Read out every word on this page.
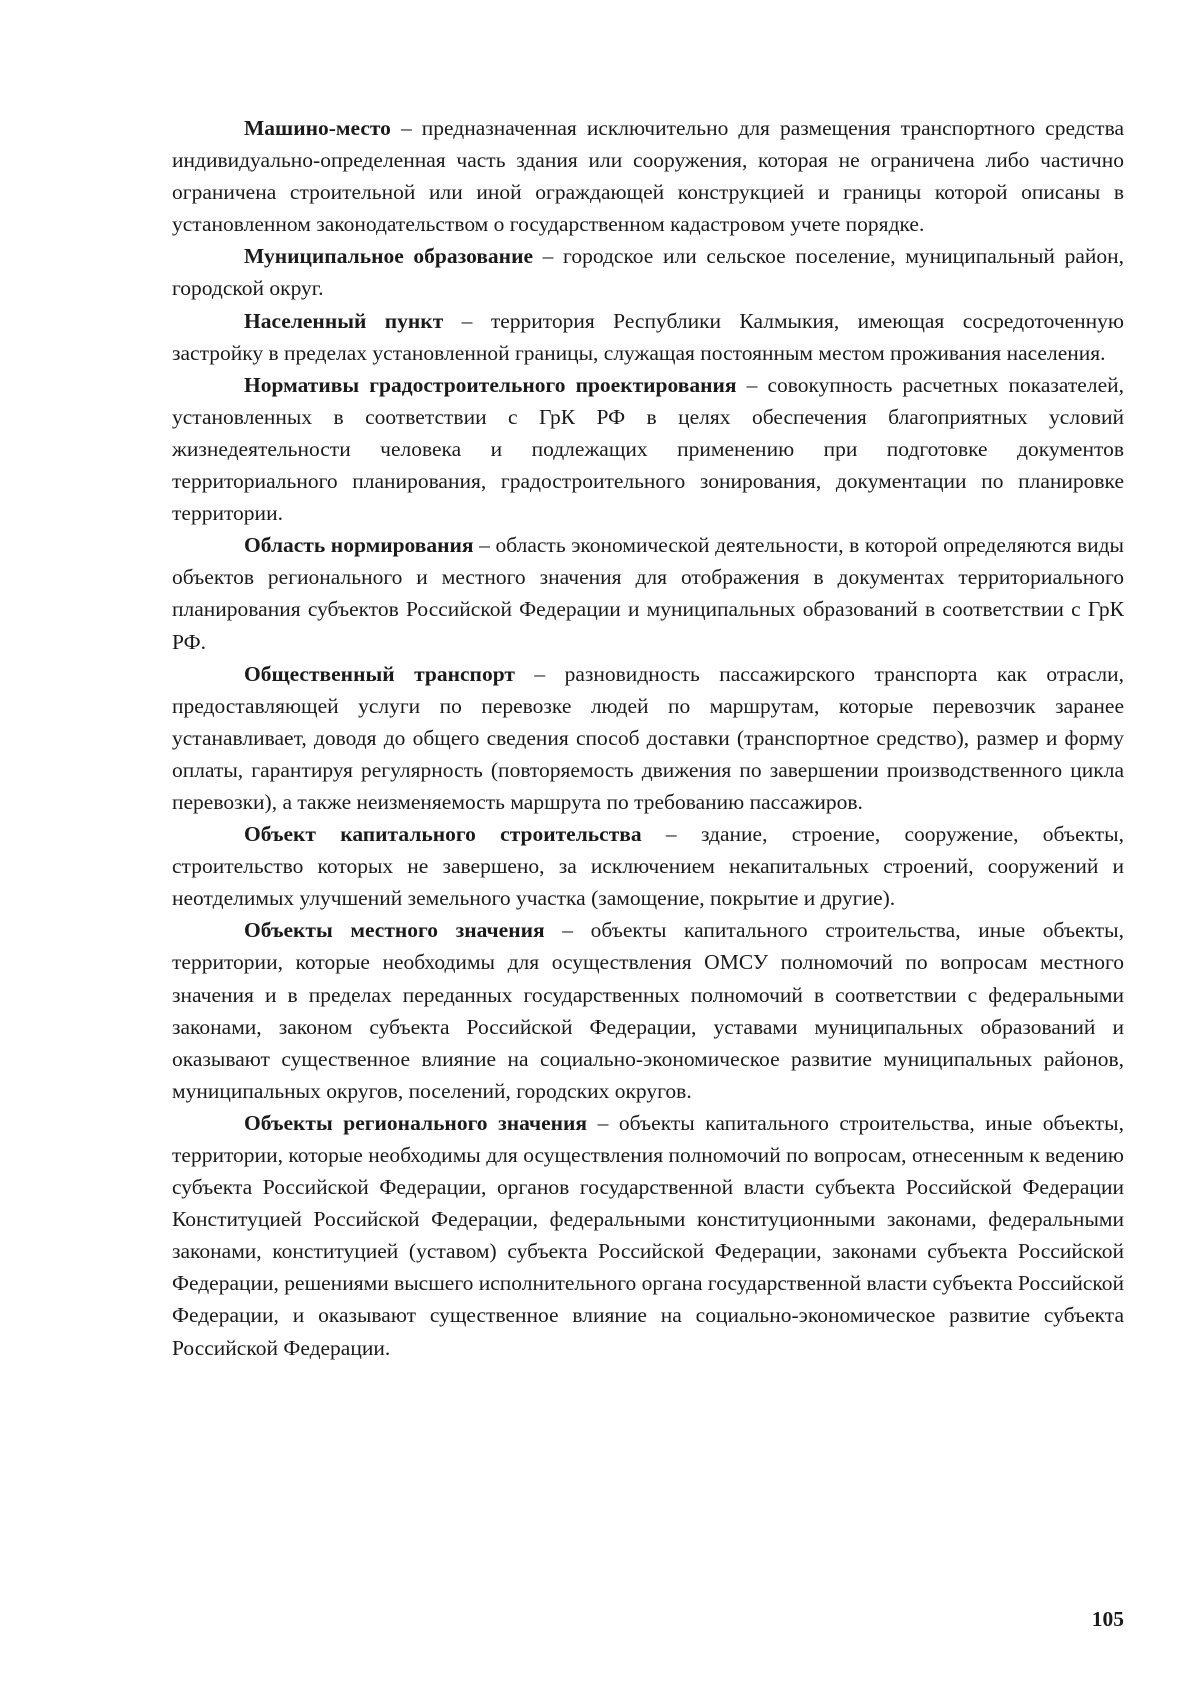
Машино-место – предназначенная исключительно для размещения транспортного средства индивидуально-определенная часть здания или сооружения, которая не ограничена либо частично ограничена строительной или иной ограждающей конструкцией и границы которой описаны в установленном законодательством о государственном кадастровом учете порядке.

Муниципальное образование – городское или сельское поселение, муниципальный район, городской округ.

Населенный пункт – территория Республики Калмыкия, имеющая сосредоточенную застройку в пределах установленной границы, служащая постоянным местом проживания населения.

Нормативы градостроительного проектирования – совокупность расчетных показателей, установленных в соответствии с ГрК РФ в целях обеспечения благоприятных условий жизнедеятельности человека и подлежащих применению при подготовке документов территориального планирования, градостроительного зонирования, документации по планировке территории.

Область нормирования – область экономической деятельности, в которой определяются виды объектов регионального и местного значения для отображения в документах территориального планирования субъектов Российской Федерации и муниципальных образований в соответствии с ГрК РФ.

Общественный транспорт – разновидность пассажирского транспорта как отрасли, предоставляющей услуги по перевозке людей по маршрутам, которые перевозчик заранее устанавливает, доводя до общего сведения способ доставки (транспортное средство), размер и форму оплаты, гарантируя регулярность (повторяемость движения по завершении производственного цикла перевозки), а также неизменяемость маршрута по требованию пассажиров.

Объект капитального строительства – здание, строение, сооружение, объекты, строительство которых не завершено, за исключением некапитальных строений, сооружений и неотделимых улучшений земельного участка (замощение, покрытие и другие).

Объекты местного значения – объекты капитального строительства, иные объекты, территории, которые необходимы для осуществления ОМСУ полномочий по вопросам местного значения и в пределах переданных государственных полномочий в соответствии с федеральными законами, законом субъекта Российской Федерации, уставами муниципальных образований и оказывают существенное влияние на социально-экономическое развитие муниципальных районов, муниципальных округов, поселений, городских округов.

Объекты регионального значения – объекты капитального строительства, иные объекты, территории, которые необходимы для осуществления полномочий по вопросам, отнесенным к ведению субъекта Российской Федерации, органов государственной власти субъекта Российской Федерации Конституцией Российской Федерации, федеральными конституционными законами, федеральными законами, конституцией (уставом) субъекта Российской Федерации, законами субъекта Российской Федерации, решениями высшего исполнительного органа государственной власти субъекта Российской Федерации, и оказывают существенное влияние на социально-экономическое развитие субъекта Российской Федерации.

105
